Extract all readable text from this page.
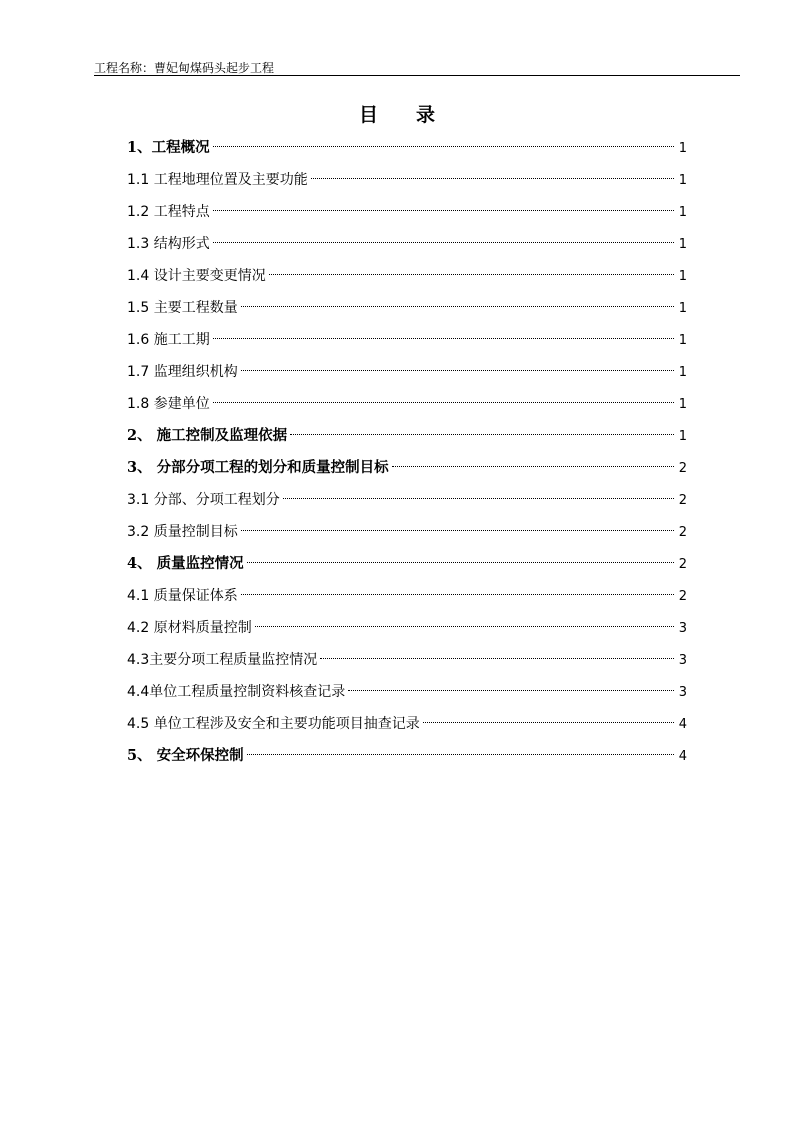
工程名称：曹妃甸煤码头起步工程
目录
1、工程概况	1
1.1 工程地理位置及主要功能	1
1.2 工程特点	1
1.3 结构形式	1
1.4 设计主要变更情况	1
1.5 主要工程数量	1
1.6 施工工期	1
1.7 监理组织机构	1
1.8 参建单位	1
2、 施工控制及监理依据	1
3、 分部分项工程的划分和质量控制目标	2
3.1 分部、分项工程划分	2
3.2 质量控制目标	2
4、 质量监控情况	2
4.1 质量保证体系	2
4.2 原材料质量控制	3
4.3主要分项工程质量监控情况	3
4.4单位工程质量控制资料核查记录	3
4.5 单位工程涉及安全和主要功能项目抽查记录	4
5、 安全环保控制	4
